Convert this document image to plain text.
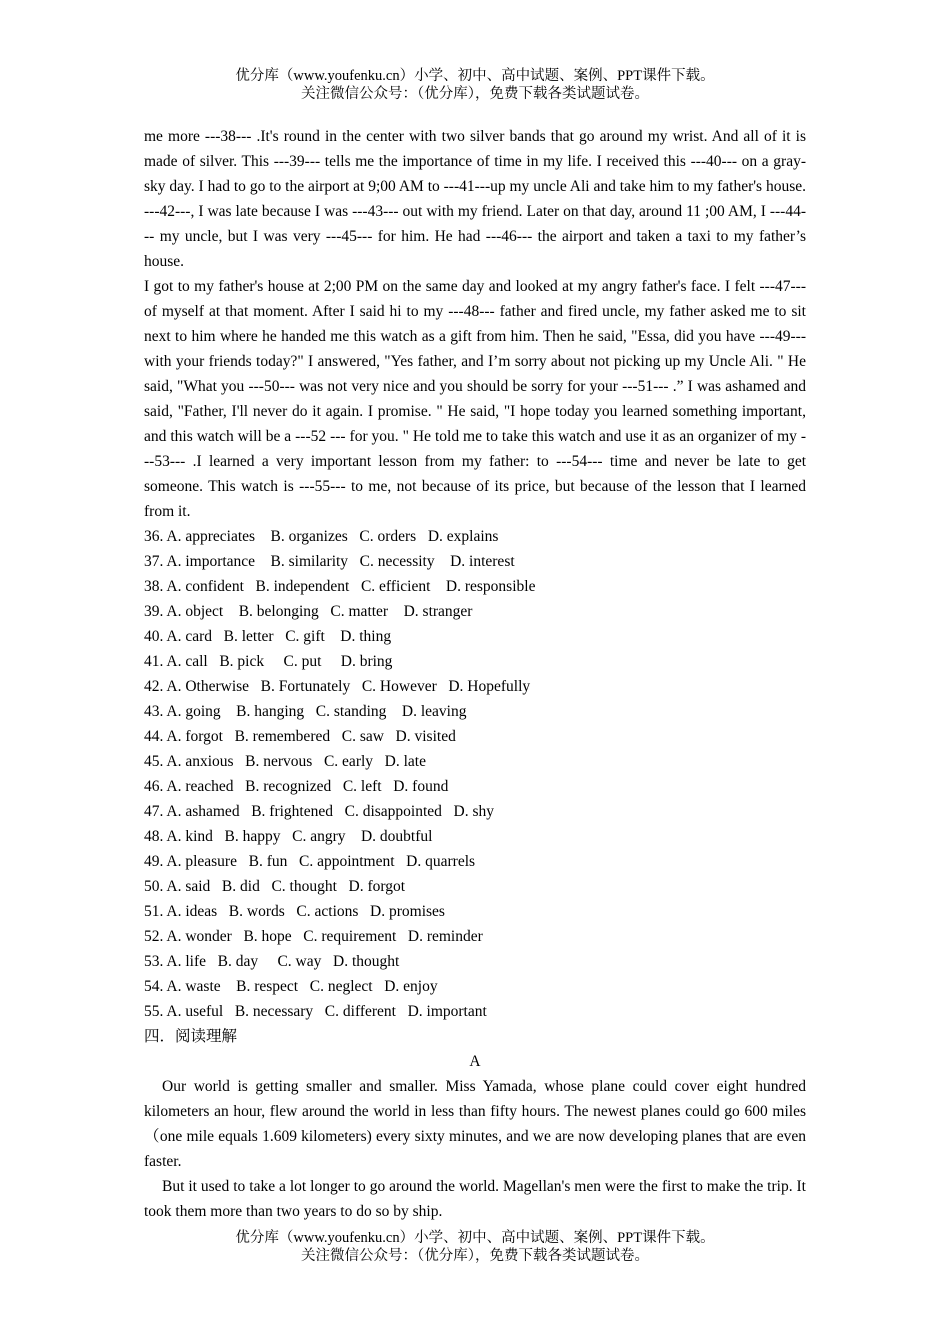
优分库（www.youfenku.cn）小学、初中、高中试题、案例、PPT课件下载。
关注微信公众号：（优分库），免费下载各类试题试卷。

me more ---38--- .It's round in the center with two silver bands that go around my wrist. And all of it is made of silver. This ---39--- tells me the importance of time in my life. I received this ---40--- on a gray-sky day. I had to go to the airport at 9;00 AM to ---41---up my uncle Ali and take him to my father's house. ---42---, I was late because I was ---43--- out with my friend. Later on that day, around 11 ;00 AM, I ---44--- my uncle, but I was very ---45--- for him. He had ---46--- the airport and taken a taxi to my father’s house.

I got to my father's house at 2;00 PM on the same day and looked at my angry father's face. I felt ---47--- of myself at that moment. After I said hi to my ---48--- father and fired uncle, my father asked me to sit next to him where he handed me this watch as a gift from him. Then he said, "Essa, did you have ---49--- with your friends today?" I answered, "Yes father, and I’m sorry about not picking up my Uncle Ali. " He said, "What you ---50--- was not very nice and you should be sorry for your ---51--- .” I was ashamed and said, "Father, I'll never do it again. I promise. " He said, "I hope today you learned something important, and this watch will be a ---52 --- for you. " He told me to take this watch and use it as an organizer of my ---53--- .I learned a very important lesson from my father: to ---54--- time and never be late to get someone. This watch is ---55--- to me, not because of its price, but because of the lesson that I learned from it.

36. A. appreciates    B. organizes   C. orders   D. explains

37. A. importance    B. similarity   C. necessity    D. interest

38. A. confident   B. independent   C. efficient    D. responsible

39. A. object    B. belonging   C. matter    D. stranger

40. A. card   B. letter   C. gift    D. thing

41. A. call   B. pick     C. put     D. bring

42. A. Otherwise   B. Fortunately   C. However   D. Hopefully

43. A. going    B. hanging   C. standing    D. leaving

44. A. forgot   B. remembered   C. saw   D. visited

45. A. anxious   B. nervous   C. early   D. late

46. A. reached   B. recognized   C. left   D. found

47. A. ashamed   B. frightened   C. disappointed   D. shy

48. A. kind   B. happy   C. angry    D. doubtful

49. A. pleasure   B. fun   C. appointment   D. quarrels

50. A. said   B. did   C. thought   D. forgot

51. A. ideas   B. words   C. actions   D. promises

52. A. wonder   B. hope   C. requirement   D. reminder

53. A. life   B. day     C. way   D. thought

54. A. waste    B. respect   C. neglect   D. enjoy

55. A. useful   B. necessary   C. different   D. important

四．阅读理解

A

Our world is getting smaller and smaller. Miss Yamada, whose plane could cover eight hundred kilometers an hour, flew around the world in less than fifty hours. The newest planes could go 600 miles（one mile equals 1.609 kilometers) every sixty minutes, and we are now developing planes that are even faster.

But it used to take a lot longer to go around the world. Magellan's men were the first to make the trip. It took them more than two years to do so by ship.

优分库（www.youfenku.cn）小学、初中、高中试题、案例、PPT课件下载。
关注微信公众号：（优分库），免费下载各类试题试卷。
